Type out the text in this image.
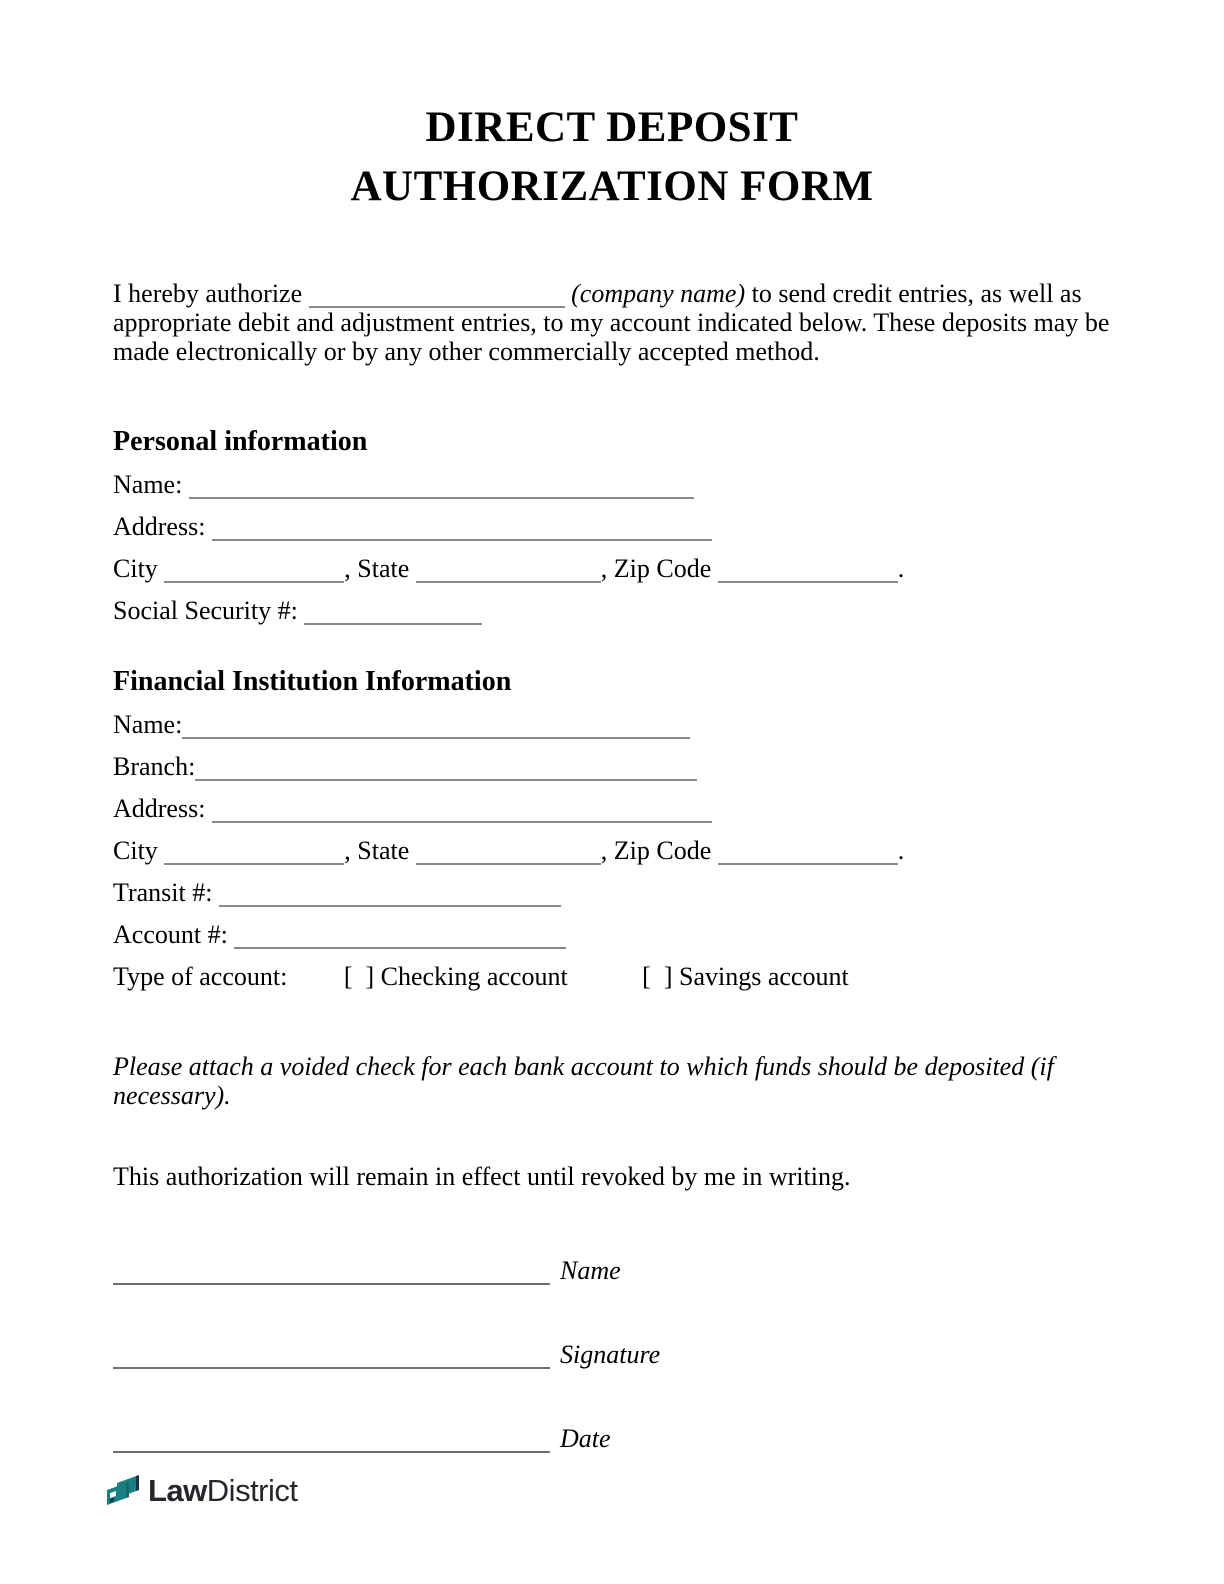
DIRECT DEPOSIT
AUTHORIZATION FORM

I hereby authorize	(company name) to send credit entries, as well as appropriate debit and adjustment entries, to my account indicated below. These deposits may be made electronically or by any other commercially accepted method.

Personal information
Name:
Address:
City	, State	, Zip Code	.
Social Security #:
Financial Institution Information
Name:
Branch:
Address:
City	, State	, Zip Code	.
Transit #:
Account #:
Type of account: [  ] Checking account	[  ] Savings account

Please attach a voided check for each bank account to which funds should be deposited (if necessary).

This authorization will remain in effect until revoked by me in writing.

Name
Signature
Date
LawDistrict
